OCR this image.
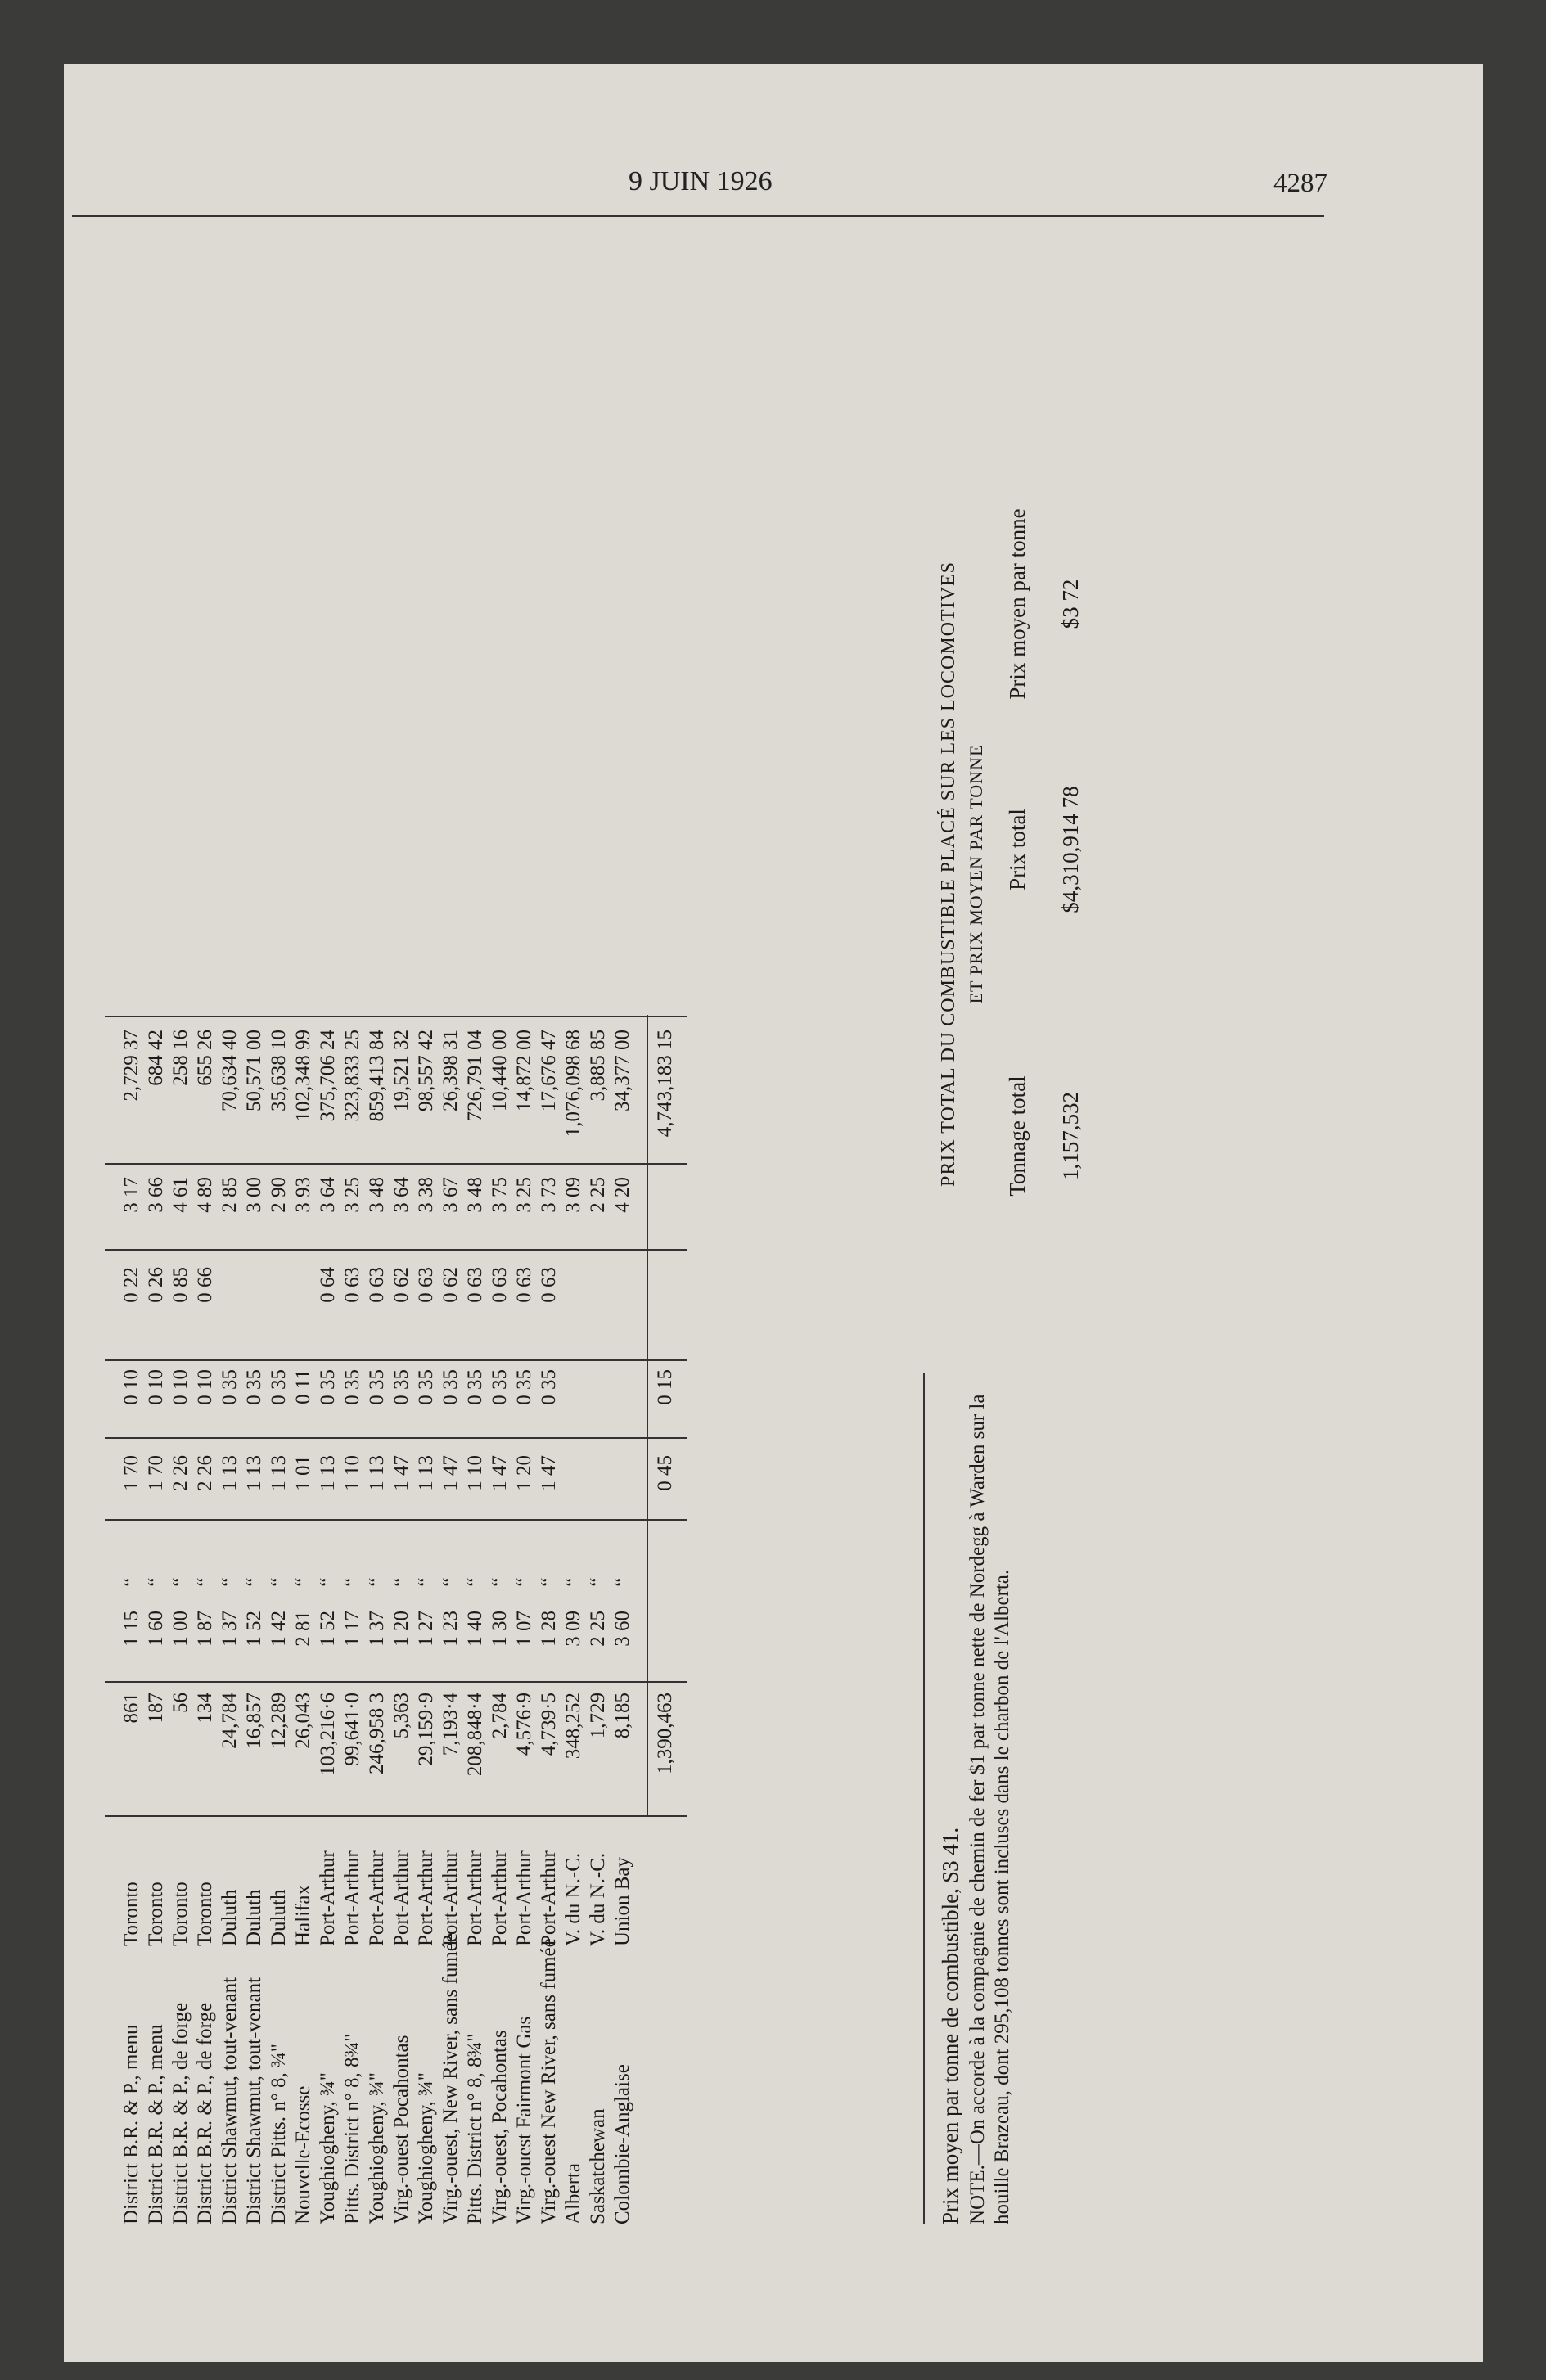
9 JUIN 1926	4287
District B.R. & P., menu
Toronto
861
1 15
“
1 70
0 10
0 22
3 17
2,729 37
District B.R. & P., menu
Toronto
187
1 60
“
1 70
0 10
0 26
3 66
684 42
District B.R. & P., de forge
Toronto
56
1 00
“
2 26
0 10
0 85
4 61
258 16
District B.R. & P., de forge
Toronto
134
1 87
“
2 26
0 10
0 66
4 89
655 26
District Shawmut, tout-venant
Duluth
24,784
1 37
“
1 13
0 35
2 85
70,634 40
District Shawmut, tout-venant
Duluth
16,857
1 52
“
1 13
0 35
3 00
50,571 00
District Pitts. n° 8, ¾"
Duluth
12,289
1 42
“
1 13
0 35
2 90
35,638 10
Nouvelle-Ecosse
Halifax
26,043
2 81
“
1 01
0 11
3 93
102,348 99
Youghiogheny, ¾"
Port-Arthur
103,216·6
1 52
“
1 13
0 35
0 64
3 64
375,706 24
Pitts. District n° 8, 8¾"
Port-Arthur
99,641·0
1 17
“
1 10
0 35
0 63
3 25
323,833 25
Youghiogheny, ¾"
Port-Arthur
246,958 3
1 37
“
1 13
0 35
0 63
3 48
859,413 84
Virg.-ouest Pocahontas
Port-Arthur
5,363
1 20
“
1 47
0 35
0 62
3 64
19,521 32
Youghiogheny, ¾"
Port-Arthur
29,159·9
1 27
“
1 13
0 35
0 63
3 38
98,557 42
Virg.-ouest, New River, sans fumée
Port-Arthur
7,193·4
1 23
“
1 47
0 35
0 62
3 67
26,398 31
Pitts. District n° 8, 8¾"
Port-Arthur
208,848·4
1 40
“
1 10
0 35
0 63
3 48
726,791 04
Virg.-ouest, Pocahontas
Port-Arthur
2,784
1 30
“
1 47
0 35
0 63
3 75
10,440 00
Virg.-ouest Fairmont Gas
Port-Arthur
4,576·9
1 07
“
1 20
0 35
0 63
3 25
14,872 00
Virg.-ouest New River, sans fumée
Port-Arthur
4,739·5
1 28
“
1 47
0 35
0 63
3 73
17,676 47
Alberta
V. du N.-C.
348,252
3 09
“
3 09
1,076,098 68
Saskatchewan
V. du N.-C.
1,729
2 25
“
2 25
3,885 85
Colombie-Anglaise
Union Bay
8,185
3 60
“
4 20
34,377 00
1,390,463
0 45
0 15
4,743,183 15
Prix moyen par tonne de combustible, $3 41. NOTE.—On accorde à la compagnie de chemin de fer $1 par tonne nette de Nordegg à Warden sur la houille Brazeau, dont 295,108 tonnes sont incluses dans le charbon de l'Alberta.
PRIX TOTAL DU COMBUSTIBLE PLACÉ SUR LES LOCOMOTIVES ET PRIX MOYEN PAR TONNE
Tonnage total
Prix total
Prix moyen par tonne
1,157,532
$4,310,914 78
$3 72
